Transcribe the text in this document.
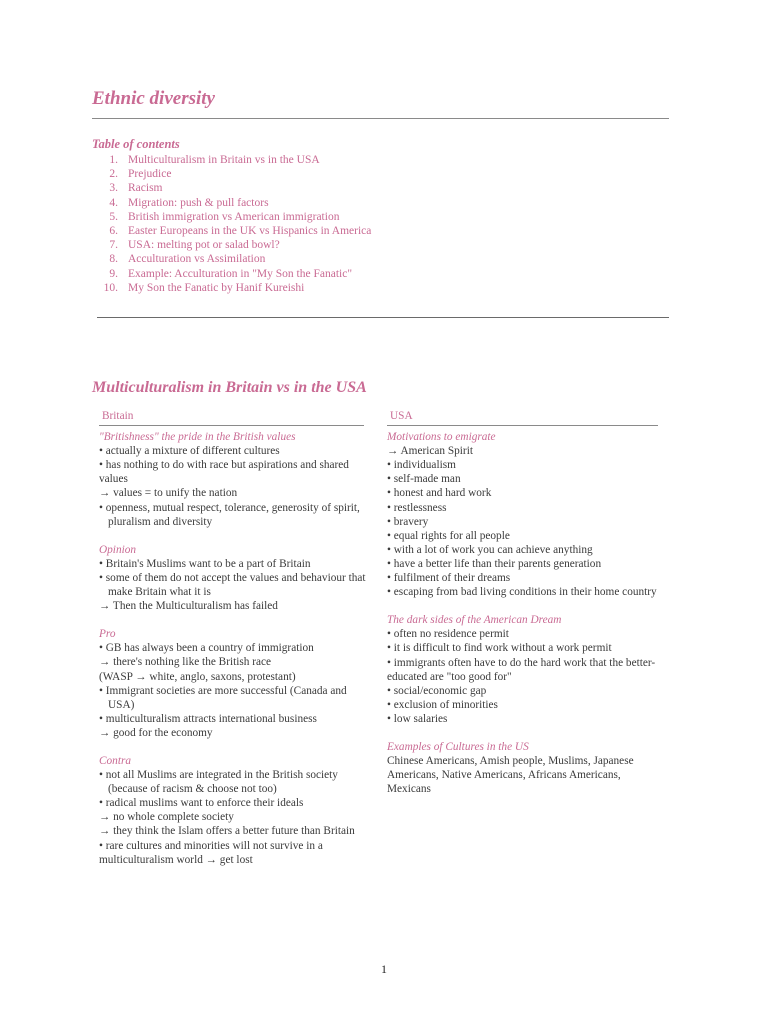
Ethnic diversity
Table of contents
1. Multiculturalism in Britain vs in the USA
2. Prejudice
3. Racism
4. Migration: push & pull factors
5. British immigration vs American immigration
6. Easter Europeans in the UK vs Hispanics in America
7. USA: melting pot or salad bowl?
8. Acculturation vs Assimilation
9. Example: Acculturation in "My Son the Fanatic"
10. My Son the Fanatic by Hanif Kureishi
Multiculturalism in Britain vs in the USA
Britain
"Britishness" the pride in the British values
• actually a mixture of different cultures
• has nothing to do with race but aspirations and shared values
→ values = to unify the nation
• openness, mutual respect, tolerance, generosity of spirit, pluralism and diversity
Opinion
• Britain's Muslims want to be a part of Britain
• some of them do not accept the values and behaviour that make Britain what it is
→ Then the Multiculturalism has failed
Pro
• GB has always been a country of immigration
→ there's nothing like the British race
(WASP → white, anglo, saxons, protestant)
• Immigrant societies are more successful (Canada and USA)
• multiculturalism attracts international business
→ good for the economy
Contra
• not all Muslims are integrated in the British society (because of racism & choose not too)
• radical muslims want to enforce their ideals
→ no whole complete society
→ they think the Islam offers a better future than Britain
• rare cultures and minorities will not survive in a multiculturalism world → get lost
USA
Motivations to emigrate
→ American Spirit
• individualism
• self-made man
• honest and hard work
• restlessness
• bravery
• equal rights for all people
• with a lot of work you can achieve anything
• have a better life than their parents generation
• fulfilment of their dreams
• escaping from bad living conditions in their home country
The dark sides of the American Dream
• often no residence permit
• it is difficult to find work without a work permit
• immigrants often have to do the hard work that the better-educated are "too good for"
• social/economic gap
• exclusion of minorities
• low salaries
Examples of Cultures in the US
Chinese Americans, Amish people, Muslims, Japanese Americans, Native Americans, Africans Americans, Mexicans
1
